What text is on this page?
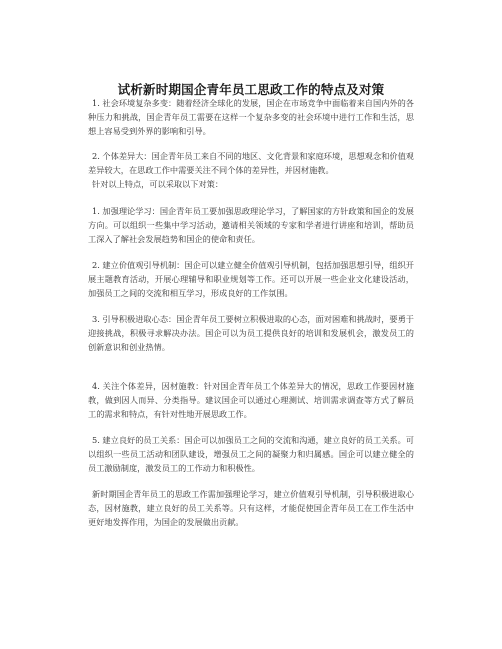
试析新时期国企青年员工思政工作的特点及对策

1. 社会环境复杂多变：随着经济全球化的发展，国企在市场竞争中面临着来自国内外的各种压力和挑战，国企青年员工需要在这样一个复杂多变的社会环境中进行工作和生活，思想上容易受到外界的影响和引导。

2. 个体差异大：国企青年员工来自不同的地区、文化背景和家庭环境，思想观念和价值观差异较大，在思政工作中需要关注不同个体的差异性，并因材施教。

针对以上特点，可以采取以下对策：

1. 加强理论学习：国企青年员工要加强思政理论学习，了解国家的方针政策和国企的发展方向。可以组织一些集中学习活动，邀请相关领域的专家和学者进行讲座和培训，帮助员工深入了解社会发展趋势和国企的使命和责任。

2. 建立价值观引导机制：国企可以建立健全价值观引导机制，包括加强思想引导，组织开展主题教育活动，开展心理辅导和职业规划等工作。还可以开展一些企业文化建设活动，加强员工之间的交流和相互学习，形成良好的工作氛围。

3. 引导积极进取心态：国企青年员工要树立积极进取的心态，面对困难和挑战时，要勇于迎接挑战，积极寻求解决办法。国企可以为员工提供良好的培训和发展机会，激发员工的创新意识和创业热情。

4. 关注个体差异，因材施教：针对国企青年员工个体差异大的情况，思政工作要因材施教，做到因人而异、分类指导。建议国企可以通过心理测试、培训需求调查等方式了解员工的需求和特点，有针对性地开展思政工作。

5. 建立良好的员工关系：国企可以加强员工之间的交流和沟通，建立良好的员工关系。可以组织一些员工活动和团队建设，增强员工之间的凝聚力和归属感。国企可以建立健全的员工激励制度，激发员工的工作动力和积极性。

新时期国企青年员工的思政工作需加强理论学习，建立价值观引导机制，引导积极进取心态，因材施教，建立良好的员工关系等。只有这样，才能促使国企青年员工在工作生活中更好地发挥作用，为国企的发展做出贡献。
